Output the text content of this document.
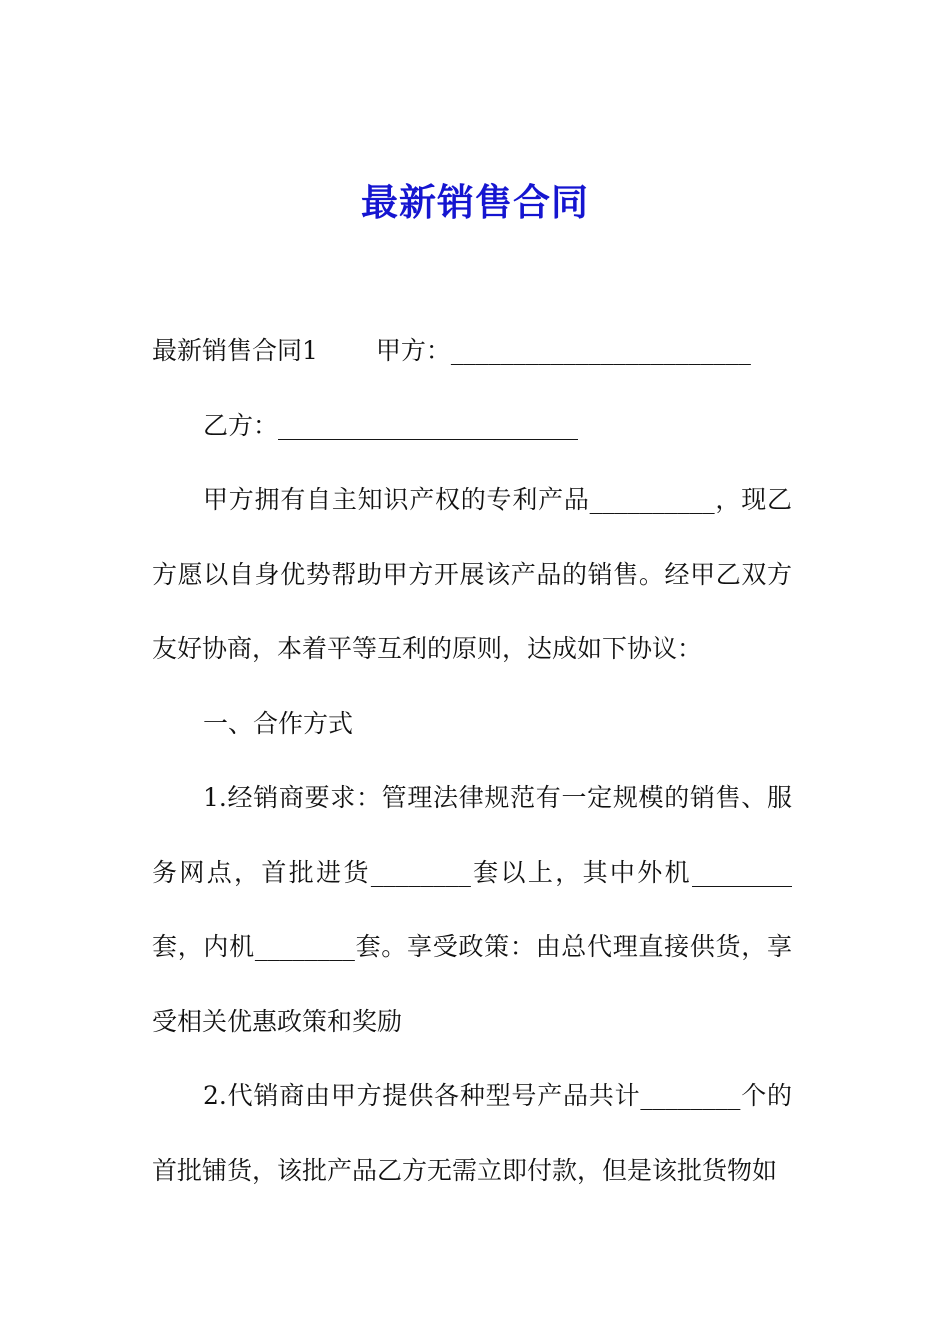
最新销售合同

最新销售合同1 甲方：________________________

乙方：________________________

甲方拥有自主知识产权的专利产品__________，现乙方愿以自身优势帮助甲方开展该产品的销售。经甲乙双方友好协商，本着平等互利的原则，达成如下协议：

一、合作方式

1.经销商要求：管理法律规范有一定规模的销售、服务网点，首批进货________套以上，其中外机________套，内机________套。享受政策：由总代理直接供货，享受相关优惠政策和奖励

2.代销商由甲方提供各种型号产品共计________个的首批铺货，该批产品乙方无需立即付款，但是该批货物如
